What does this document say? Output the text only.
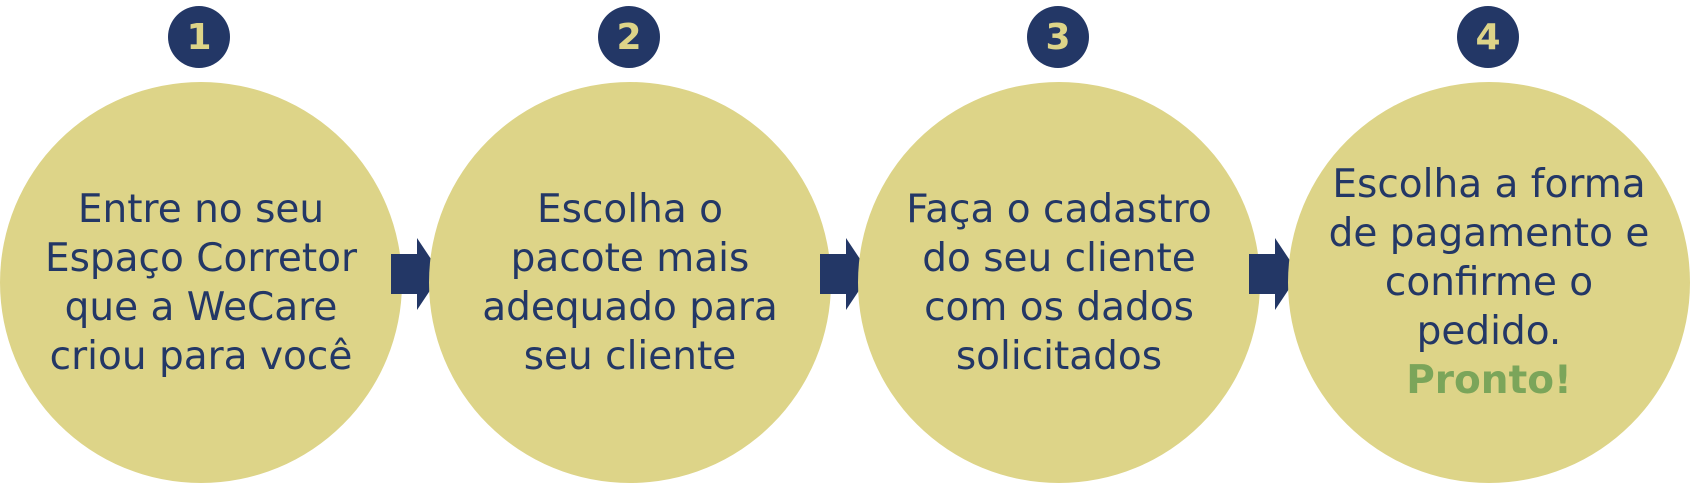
1

Entre no seu

Espaço Corretor

que a WeCare

criou para você

2

Escolha o

pacote mais

adequado para

seu cliente

3

Faça o cadastro

do seu cliente

com os dados

solicitados

4

Escolha a forma

de pagamento e

confirme o

pedido.

Pronto!
